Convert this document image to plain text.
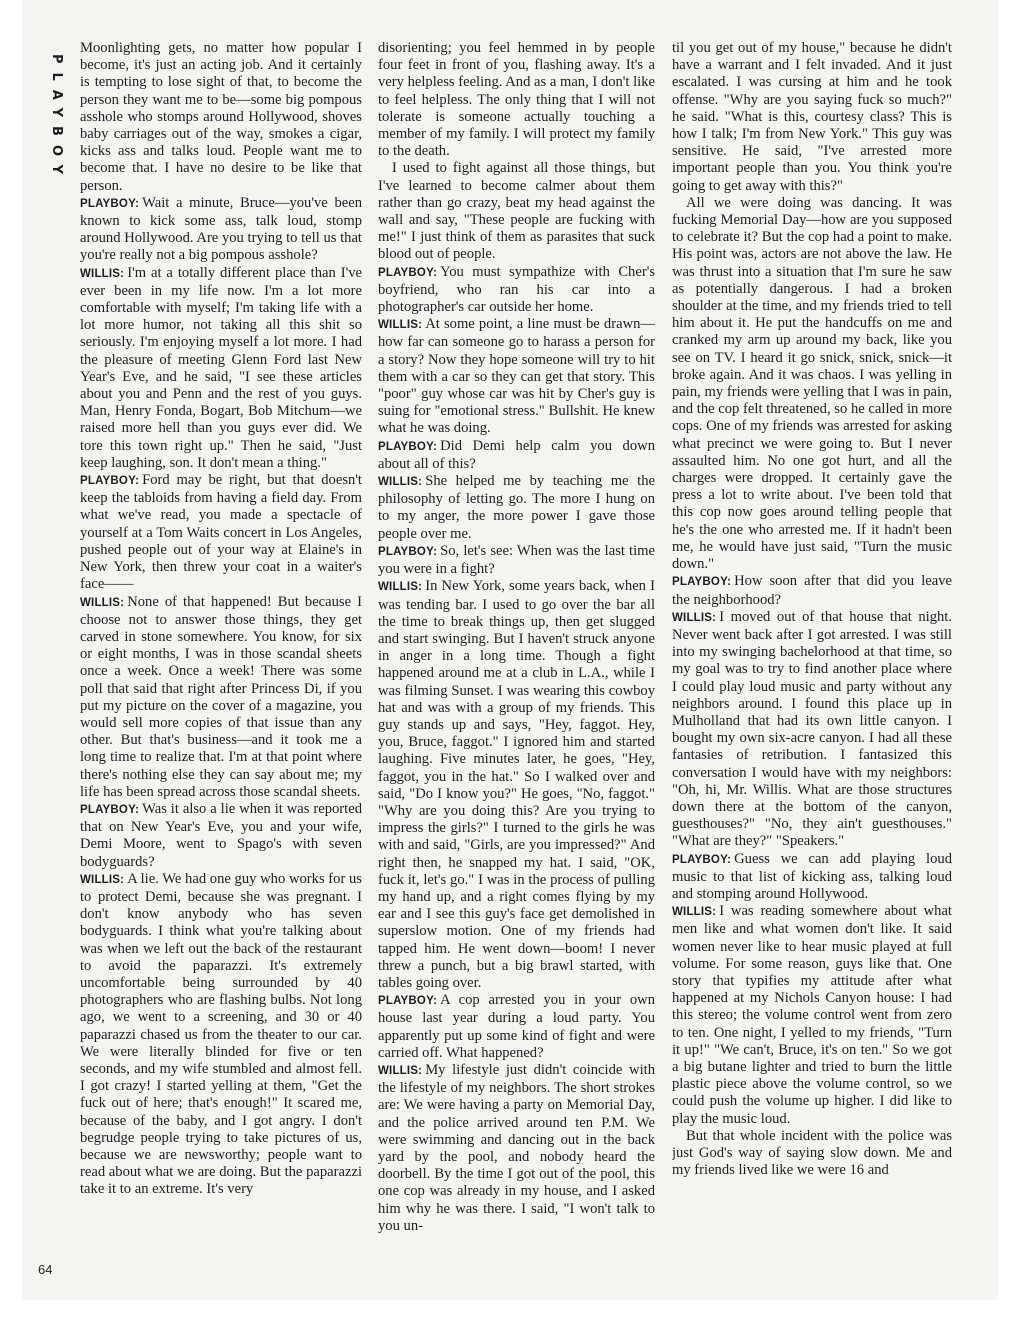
PLAYBOY

Moonlighting gets, no matter how popular I become, it's just an acting job. And it certainly is tempting to lose sight of that, to become the person they want me to be—some big pompous asshole who stomps around Hollywood, shoves baby carriages out of the way, smokes a cigar, kicks ass and talks loud. People want me to become that. I have no desire to be like that person.

PLAYBOY: Wait a minute, Bruce—you've been known to kick some ass, talk loud, stomp around Hollywood. Are you trying to tell us that you're really not a big pompous asshole?

WILLIS: I'm at a totally different place than I've ever been in my life now. I'm a lot more comfortable with myself; I'm taking life with a lot more humor, not taking all this shit so seriously. I'm enjoying myself a lot more. I had the pleasure of meeting Glenn Ford last New Year's Eve, and he said, "I see these articles about you and Penn and the rest of you guys. Man, Henry Fonda, Bogart, Bob Mitchum—we raised more hell than you guys ever did. We tore this town right up." Then he said, "Just keep laughing, son. It don't mean a thing."

PLAYBOY: Ford may be right, but that doesn't keep the tabloids from having a field day. From what we've read, you made a spectacle of yourself at a Tom Waits concert in Los Angeles, pushed people out of your way at Elaine's in New York, then threw your coat in a waiter's face——

WILLIS: None of that happened! But because I choose not to answer those things, they get carved in stone somewhere. You know, for six or eight months, I was in those scandal sheets once a week. Once a week! There was some poll that said that right after Princess Di, if you put my picture on the cover of a magazine, you would sell more copies of that issue than any other. But that's business—and it took me a long time to realize that. I'm at that point where there's nothing else they can say about me; my life has been spread across those scandal sheets.

PLAYBOY: Was it also a lie when it was reported that on New Year's Eve, you and your wife, Demi Moore, went to Spago's with seven bodyguards?

WILLIS: A lie. We had one guy who works for us to protect Demi, because she was pregnant. I don't know anybody who has seven bodyguards. I think what you're talking about was when we left out the back of the restaurant to avoid the paparazzi. It's extremely uncomfortable being surrounded by 40 photographers who are flashing bulbs. Not long ago, we went to a screening, and 30 or 40 paparazzi chased us from the theater to our car. We were literally blinded for five or ten seconds, and my wife stumbled and almost fell. I got crazy! I started yelling at them, "Get the fuck out of here; that's enough!" It scared me, because of the baby, and I got angry. I don't begrudge people trying to take pictures of us, because we are newsworthy; people want to read about what we are doing. But the paparazzi take it to an extreme. It's very

disorienting; you feel hemmed in by people four feet in front of you, flashing away. It's a very helpless feeling. And as a man, I don't like to feel helpless. The only thing that I will not tolerate is someone actually touching a member of my family. I will protect my family to the death.

I used to fight against all those things, but I've learned to become calmer about them rather than go crazy, beat my head against the wall and say, "These people are fucking with me!" I just think of them as parasites that suck blood out of people.

PLAYBOY: You must sympathize with Cher's boyfriend, who ran his car into a photographer's car outside her home.

WILLIS: At some point, a line must be drawn—how far can someone go to harass a person for a story? Now they hope someone will try to hit them with a car so they can get that story. This "poor" guy whose car was hit by Cher's guy is suing for "emotional stress." Bullshit. He knew what he was doing.

PLAYBOY: Did Demi help calm you down about all of this?

WILLIS: She helped me by teaching me the philosophy of letting go. The more I hung on to my anger, the more power I gave those people over me.

PLAYBOY: So, let's see: When was the last time you were in a fight?

WILLIS: In New York, some years back, when I was tending bar. I used to go over the bar all the time to break things up, then get slugged and start swinging. But I haven't struck anyone in anger in a long time. Though a fight happened around me at a club in L.A., while I was filming Sunset. I was wearing this cowboy hat and was with a group of my friends. This guy stands up and says, "Hey, faggot. Hey, you, Bruce, faggot." I ignored him and started laughing. Five minutes later, he goes, "Hey, faggot, you in the hat." So I walked over and said, "Do I know you?" He goes, "No, faggot." "Why are you doing this? Are you trying to impress the girls?" I turned to the girls he was with and said, "Girls, are you impressed?" And right then, he snapped my hat. I said, "OK, fuck it, let's go." I was in the process of pulling my hand up, and a right comes flying by my ear and I see this guy's face get demolished in superslow motion. One of my friends had tapped him. He went down—boom! I never threw a punch, but a big brawl started, with tables going over.

PLAYBOY: A cop arrested you in your own house last year during a loud party. You apparently put up some kind of fight and were carried off. What happened?

WILLIS: My lifestyle just didn't coincide with the lifestyle of my neighbors. The short strokes are: We were having a party on Memorial Day, and the police arrived around ten P.M. We were swimming and dancing out in the back yard by the pool, and nobody heard the doorbell. By the time I got out of the pool, this one cop was already in my house, and I asked him why he was there. I said, "I won't talk to you un-

til you get out of my house," because he didn't have a warrant and I felt invaded. And it just escalated. I was cursing at him and he took offense. "Why are you saying fuck so much?" he said. "What is this, courtesy class? This is how I talk; I'm from New York." This guy was sensitive. He said, "I've arrested more important people than you. You think you're going to get away with this?"

All we were doing was dancing. It was fucking Memorial Day—how are you supposed to celebrate it? But the cop had a point to make. His point was, actors are not above the law. He was thrust into a situation that I'm sure he saw as potentially dangerous. I had a broken shoulder at the time, and my friends tried to tell him about it. He put the handcuffs on me and cranked my arm up around my back, like you see on TV. I heard it go snick, snick, snick—it broke again. And it was chaos. I was yelling in pain, my friends were yelling that I was in pain, and the cop felt threatened, so he called in more cops. One of my friends was arrested for asking what precinct we were going to. But I never assaulted him. No one got hurt, and all the charges were dropped. It certainly gave the press a lot to write about. I've been told that this cop now goes around telling people that he's the one who arrested me. If it hadn't been me, he would have just said, "Turn the music down."

PLAYBOY: How soon after that did you leave the neighborhood?

WILLIS: I moved out of that house that night. Never went back after I got arrested. I was still into my swinging bachelorhood at that time, so my goal was to try to find another place where I could play loud music and party without any neighbors around. I found this place up in Mulholland that had its own little canyon. I bought my own six-acre canyon. I had all these fantasies of retribution. I fantasized this conversation I would have with my neighbors: "Oh, hi, Mr. Willis. What are those structures down there at the bottom of the canyon, guesthouses?" "No, they ain't guesthouses." "What are they?" "Speakers."

PLAYBOY: Guess we can add playing loud music to that list of kicking ass, talking loud and stomping around Hollywood.

WILLIS: I was reading somewhere about what men like and what women don't like. It said women never like to hear music played at full volume. For some reason, guys like that. One story that typifies my attitude after what happened at my Nichols Canyon house: I had this stereo; the volume control went from zero to ten. One night, I yelled to my friends, "Turn it up!" "We can't, Bruce, it's on ten." So we got a big butane lighter and tried to burn the little plastic piece above the volume control, so we could push the volume up higher. I did like to play the music loud.

But that whole incident with the police was just God's way of saying slow down. Me and my friends lived like we were 16 and

64
